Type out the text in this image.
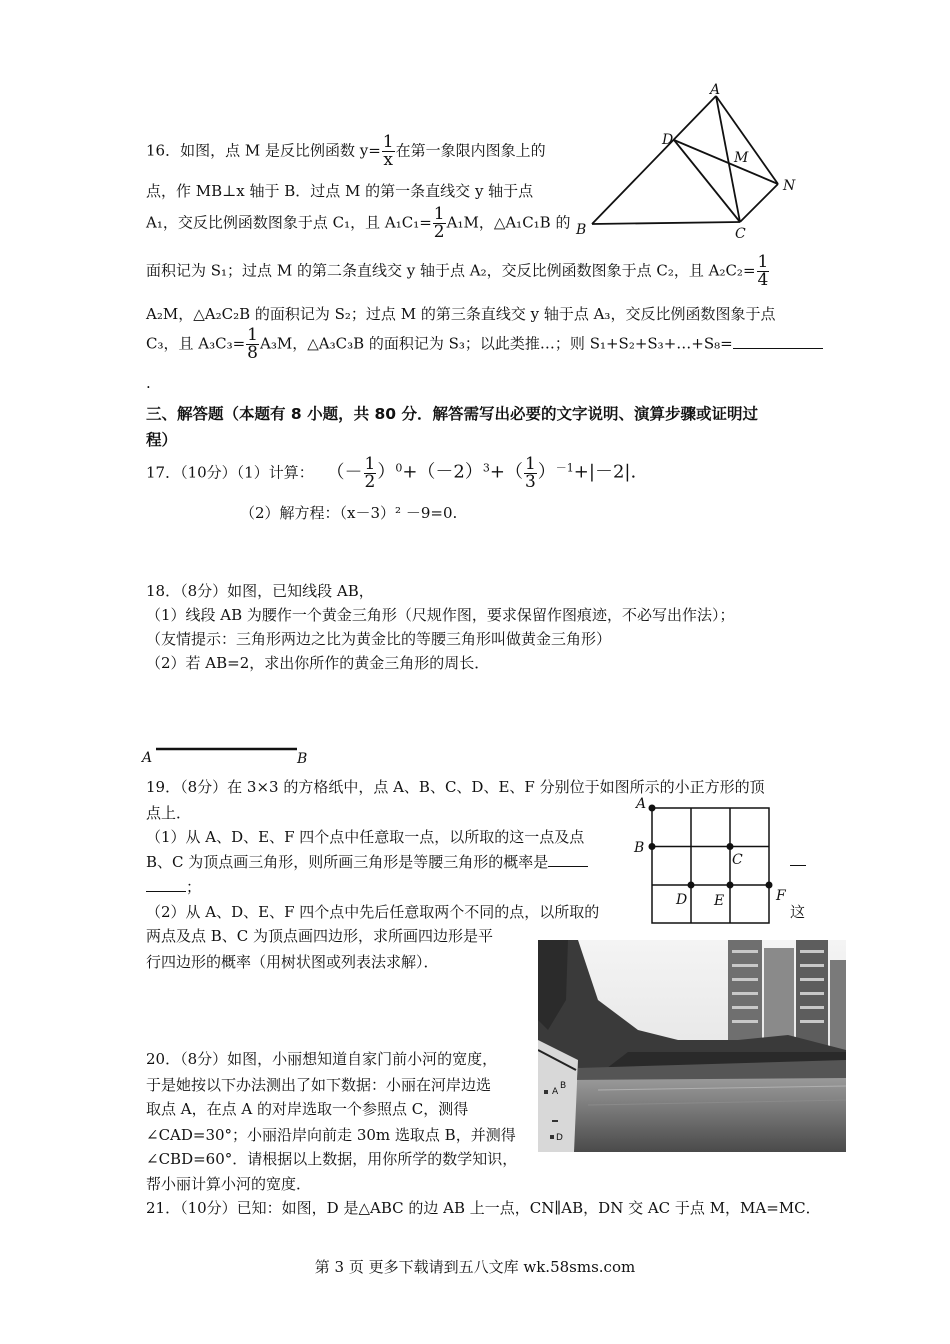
16．如图，点 M 是反比例函数 $y= \frac{1}{x}$ 在第一象限内图象上的
点，作 MB⊥x 轴于 B．过点 M 的第一条直线交 y 轴于点
A₁，交反比例函数图象于点 C₁，且 $A_1C_1= \frac{1}{2} A_1M$，△A₁C₁B 的
面积记为 S₁；过点 M 的第二条直线交 y 轴于点 A₂，交反比例函数图象于点 C₂，且 $A_2C_2= \frac{1}{4}$
A₂M，△A₂C₂B 的面积记为 S₂；过点 M 的第三条直线交 y 轴于点 A₃，交反比例函数图象于点
C₃，且 $A_3C_3= \frac{1}{8} A_3M$，△A₃C₃B 的面积记为 S₃；以此类推…；则 S₁+S₂+S₃+…+S₈=
.
A
D
M
N
B	C
三、解答题（本题有 8 小题，共 80 分．解答需写出必要的文字说明、演算步骤或证明过
程）
17．（10分）（1）计算： （－ $\frac{1}{2} )^0+(-2)^3+( \frac{1}{3} )^{-1}+|-2|$.
（2）解方程：（x－3）² －9=0.
18．（8分）如图，已知线段 AB，
（1）线段 AB 为腰作一个黄金三角形（尺规作图，要求保留作图痕迹，不必写出作法）；
（友情提示：三角形两边之比为黄金比的等腰三角形叫做黄金三角形）
（2）若 AB=2，求出你所作的黄金三角形的周长．
A	B
19．（8分）在 3×3 的方格纸中，点 A、B、C、D、E、F 分别位于如图所示的小正方形的顶
点上．
（1）从 A、D、E、F 四个点中任意取一点，以所取的这一点及点
B、C 为顶点画三角形，则所画三角形是等腰三角形的概率是
；
（2）从 A、D、E、F 四个点中先后任意取两个不同的点，以所取的	这
两点及点 B、C 为顶点画四边形，求所画四边形是平
行四边形的概率（用树状图或列表法求解）．
A
B
C
D E	F
A
B
D
20．（8分）如图，小丽想知道自家门前小河的宽度，
于是她按以下办法测出了如下数据：小丽在河岸边选
取点 A，在点 A 的对岸选取一个参照点 C，测得
∠CAD=30°；小丽沿岸向前走 30m 选取点 B，并测得
∠CBD=60°．请根据以上数据，用你所学的数学知识，
帮小丽计算小河的宽度．
21．（10分）已知：如图，D 是△ABC 的边 AB 上一点，CN∥AB，DN 交 AC 于点 M，MA=MC．
第 3 页 更多下载请到五八文库 wk.58sms.com
